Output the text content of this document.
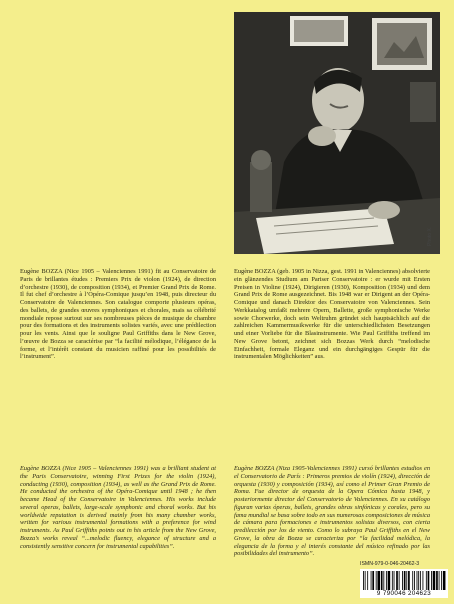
Photo X.

Eugène BOZZA (Nice 1905 – Valenciennes 1991) fit au Conservatoire de Paris de brillantes études : Premiers Prix de violon (1924), de direction d’orchestre (1930), de composition (1934), et Premier Grand Prix de Rome. Il fut chef d’orchestre à l’Opéra-Comique jusqu’en 1948, puis directeur du Conservatoire de Valenciennes. Son catalogue comporte plusieurs opéras, des ballets, de grandes œuvres symphoniques et chorales, mais sa célébrité mondiale repose surtout sur ses nombreuses pièces de musique de chambre pour des formations et des instruments solistes variés, avec une prédilection pour les vents. Ainsi que le souligne Paul Griffiths dans le New Grove, l’œuvre de Bozza se caractérise par “la facilité mélodique, l’élégance de la forme, et l’intérêt constant du musicien raffiné pour les possibilités de l’instrument”.

Eugène BOZZA (geb. 1905 in Nizza, gest. 1991 in Valenciennes) absolvierte ein glänzendes Studium am Pariser Conservatoire : er wurde mit Ersten Preisen in Violine (1924), Dirigieren (1930), Komposition (1934) und dem Grand Prix de Rome ausgezeichnet. Bis 1948 war er Dirigent an der Opéra-Comique und danach Direktor des Conservatoire von Valenciennes. Sein Werkkatalog umfaßt mehrere Opern, Ballette, große symphonische Werke sowie Chorwerke, doch sein Weltruhm gründet sich hauptsächlich auf die zahlreichen Kammermusikwerke für die unterschiedlichsten Besetzungen und einer Vorliebe für die Blasinstrumente. Wie Paul Griffiths treffend im New Grove betont, zeichnet sich Bozzas Werk durch “melodische Einfachheit, formale Eleganz und ein durchgängiges Gespür für die instrumentalen Möglichkeiten” aus.

Eugène BOZZA (Nice 1905 – Valenciennes 1991) was a brilliant student at the Paris Conservatoire, winning First Prizes for the violin (1924), conducting (1930), composition (1934), as well as the Grand Prix de Rome. He conducted the orchestra of the Opéra-Comique until 1948 ; he then became Head of the Conservatoire in Valenciennes. His works include several operas, ballets, large-scale symphonic and choral works. But his worldwide reputation is derived mainly from his many chamber works, written for various instrumental formations with a preference for wind instruments. As Paul Griffiths points out in his article from the New Grove, Bozza’s works reveal “...melodic fluency, elegance of structure and a consistently sensitive concern for instrumental capabilities”.

Eugène BOZZA (Niza 1905-Valenciennes 1991) cursó brillantes estudios en el Conservatorio de París : Primeros premios de violín (1924), dirección de orquesta (1930) y composición (1934), así como el Primer Gran Premio de Roma. Fue director de orquesta de la Opera Cómica hasta 1948, y posteriormente director del Conservatorio de Valenciennes. En su catálogo figuran varias óperas, ballets, grandes obras sinfónicas y corales, pero su fama mundial se basa sobre todo en sus numerosas composiciones de música de cámara para formaciones e instrumentos solistas diversos, con cierta predilección por los de viento. Como lo subraya Paul Griffiths en el New Grove, la obra de Bozza se caracteriza por “la facilidad melódica, la elegancia de la forma y el interés constante del músico refinado por las posibilidades del instrumento”.

ISMN-979-0-046-20462-3
9 790046 204623
